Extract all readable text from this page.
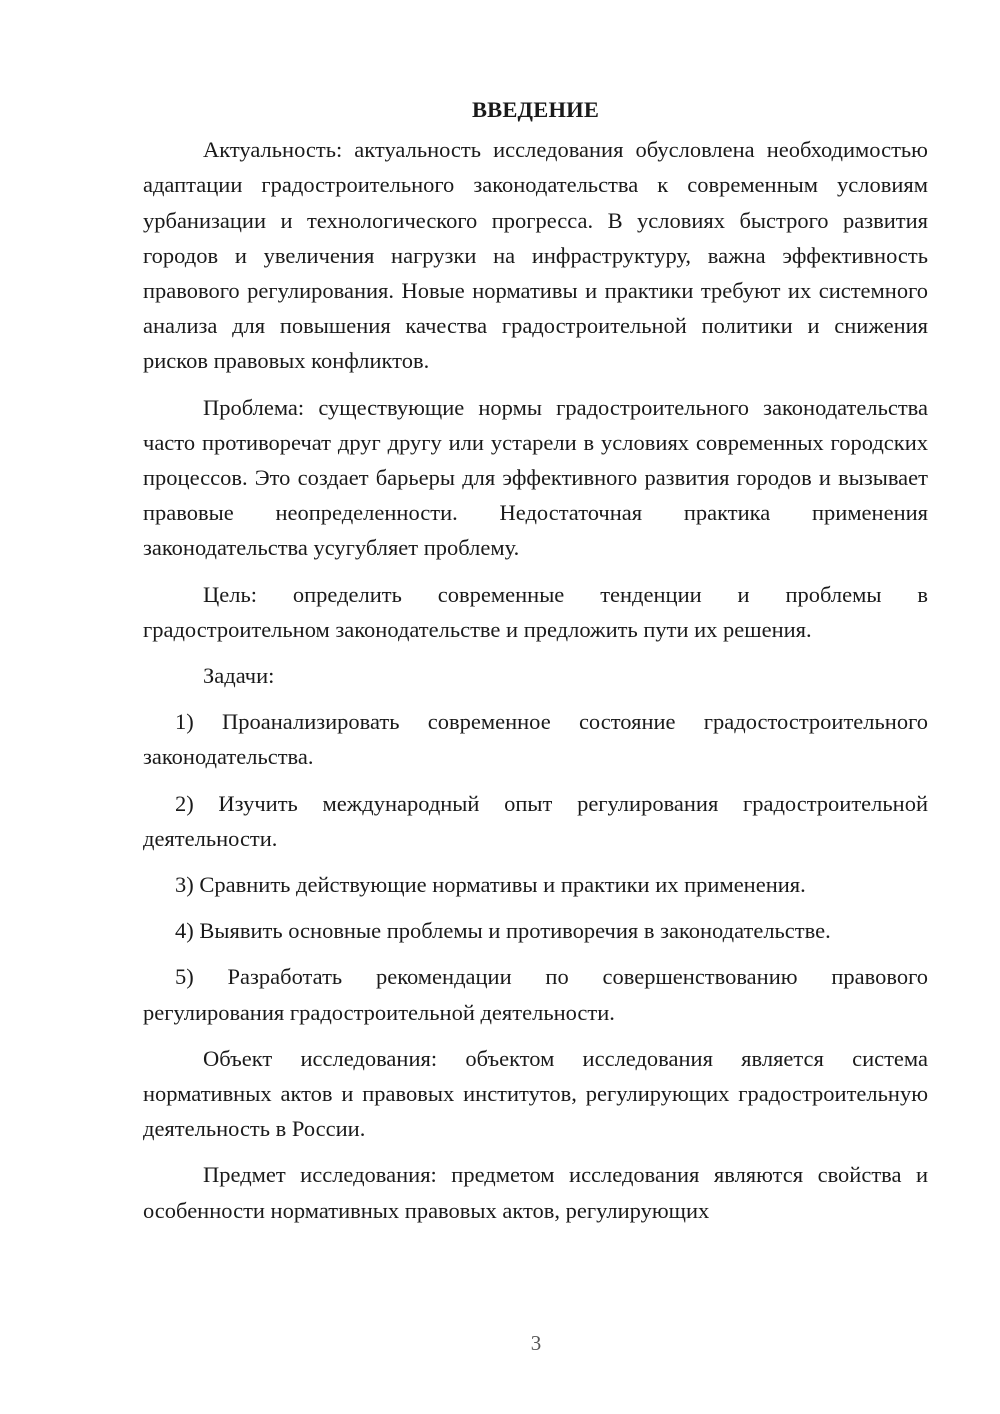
ВВЕДЕНИЕ

Актуальность: актуальность исследования обусловлена необходимостью адаптации градостроительного законодательства к современным условиям урбанизации и технологического прогресса. В условиях быстрого развития городов и увеличения нагрузки на инфраструктуру, важна эффективность правового регулирования. Новые нормативы и практики требуют их системного анализа для повышения качества градостроительной политики и снижения рисков правовых конфликтов.

Проблема: существующие нормы градостроительного законодательства часто противоречат друг другу или устарели в условиях современных городских процессов. Это создает барьеры для эффективного развития городов и вызывает правовые неопределенности. Недостаточная практика применения законодательства усугубляет проблему.

Цель: определить современные тенденции и проблемы в градостроительном законодательстве и предложить пути их решения.

Задачи:

1) Проанализировать современное состояние градостостроительного законодательства.

2) Изучить международный опыт регулирования градостроительной деятельности.

3) Сравнить действующие нормативы и практики их применения.

4) Выявить основные проблемы и противоречия в законодательстве.

5) Разработать рекомендации по совершенствованию правового регулирования градостроительной деятельности.

Объект исследования: объектом исследования является система нормативных актов и правовых институтов, регулирующих градостроительную деятельность в России.

Предмет исследования: предметом исследования являются свойства и особенности нормативных правовых актов, регулирующих

3
